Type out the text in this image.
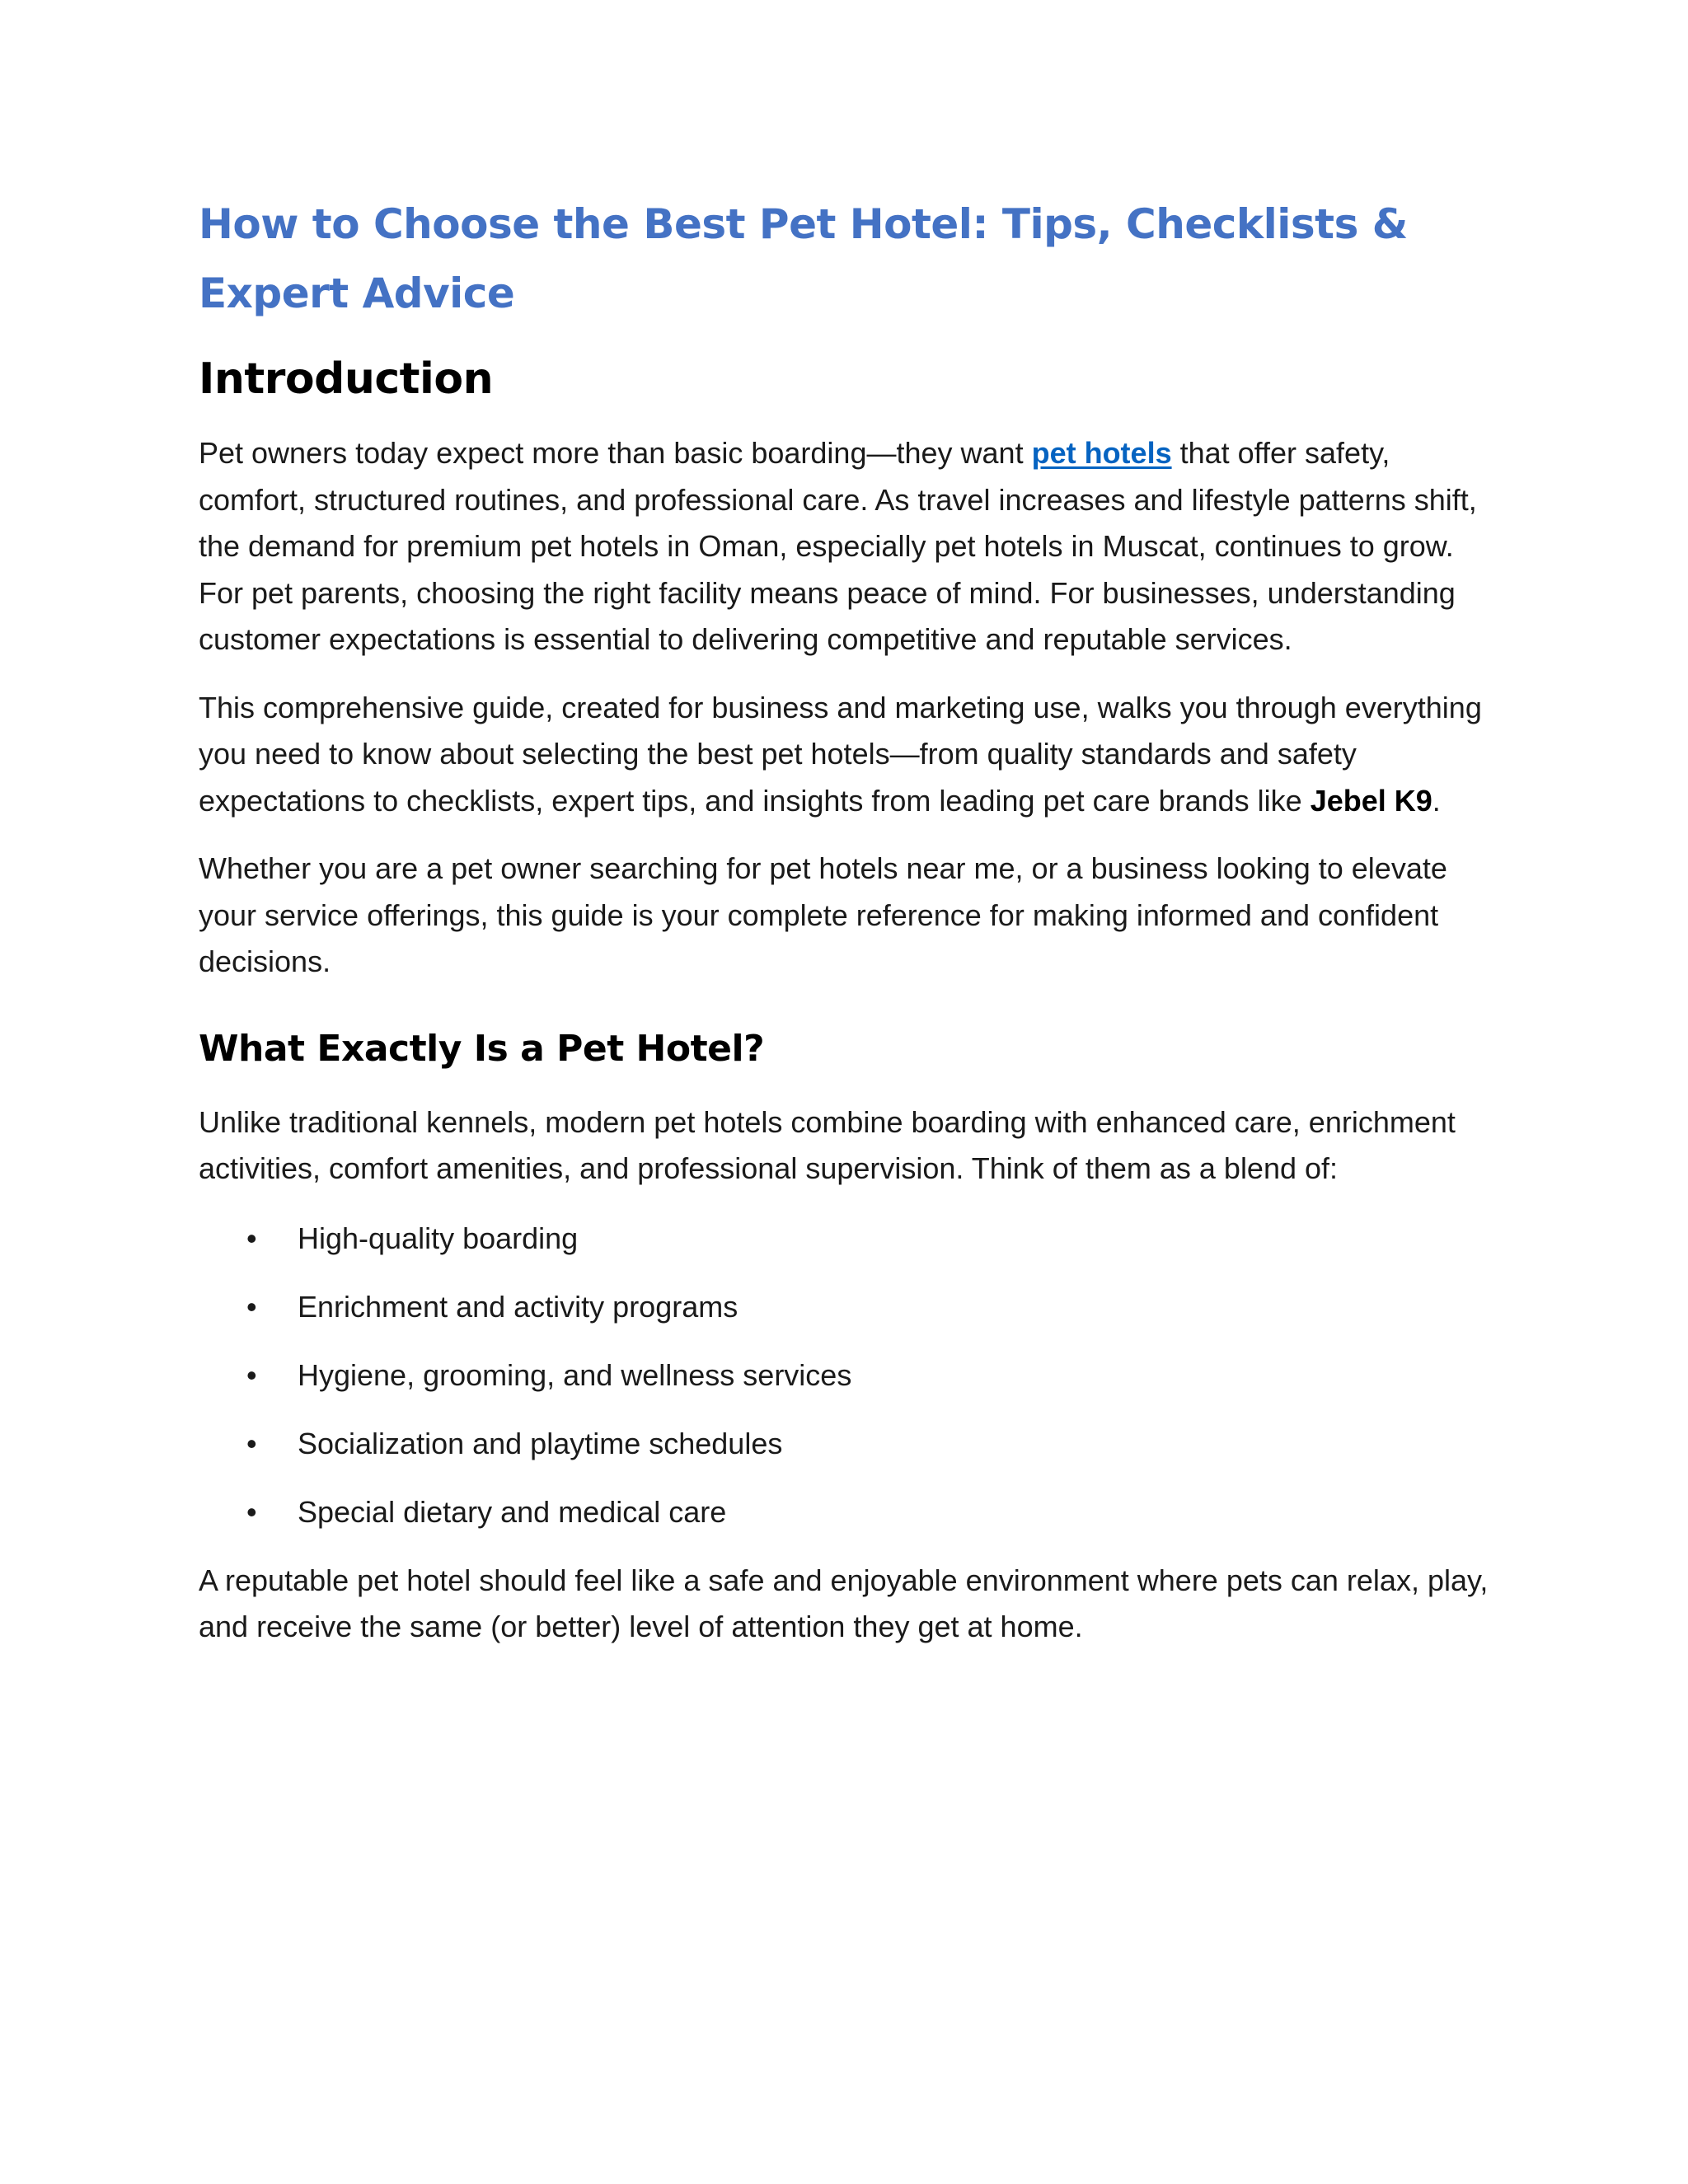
How to Choose the Best Pet Hotel: Tips, Checklists & Expert Advice
Introduction

Pet owners today expect more than basic boarding—they want pet hotels that offer safety, comfort, structured routines, and professional care. As travel increases and lifestyle patterns shift, the demand for premium pet hotels in Oman, especially pet hotels in Muscat, continues to grow. For pet parents, choosing the right facility means peace of mind. For businesses, understanding customer expectations is essential to delivering competitive and reputable services.

This comprehensive guide, created for business and marketing use, walks you through everything you need to know about selecting the best pet hotels—from quality standards and safety expectations to checklists, expert tips, and insights from leading pet care brands like Jebel K9.

Whether you are a pet owner searching for pet hotels near me, or a business looking to elevate your service offerings, this guide is your complete reference for making informed and confident decisions.

What Exactly Is a Pet Hotel?

Unlike traditional kennels, modern pet hotels combine boarding with enhanced care, enrichment activities, comfort amenities, and professional supervision. Think of them as a blend of:

• High-quality boarding
• Enrichment and activity programs
• Hygiene, grooming, and wellness services
• Socialization and playtime schedules
• Special dietary and medical care

A reputable pet hotel should feel like a safe and enjoyable environment where pets can relax, play, and receive the same (or better) level of attention they get at home.
